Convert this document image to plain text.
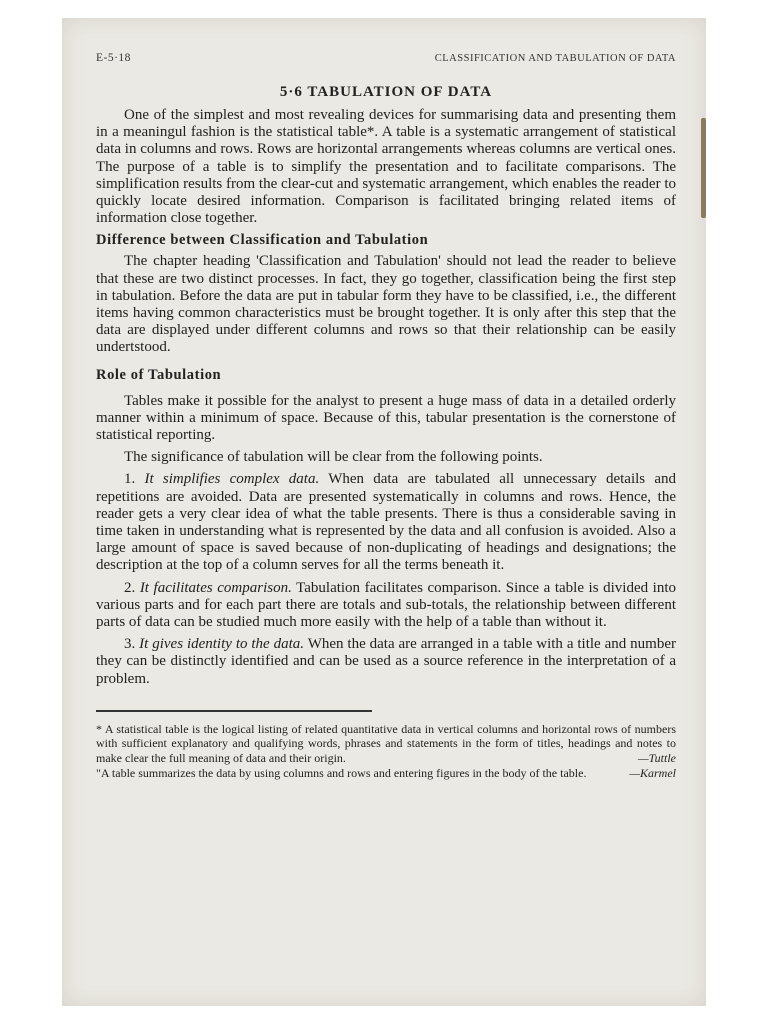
E-5·18	CLASSIFICATION AND TABULATION OF DATA
5·6 TABULATION OF DATA

One of the simplest and most revealing devices for summarising data and presenting them in a meaningul fashion is the statistical table*. A table is a systematic arrangement of statistical data in columns and rows. Rows are horizontal arrangements whereas columns are vertical ones. The purpose of a table is to simplify the presentation and to facilitate comparisons. The simplification results from the clear-cut and systematic arrangement, which enables the reader to quickly locate desired information. Comparison is facilitated bringing related items of information close together.

Difference between Classification and Tabulation

The chapter heading 'Classification and Tabulation' should not lead the reader to believe that these are two distinct processes. In fact, they go together, classification being the first step in tabulation. Before the data are put in tabular form they have to be classified, i.e., the different items having common characteristics must be brought together. It is only after this step that the data are displayed under different columns and rows so that their relationship can be easily undertstood.

Role of Tabulation

Tables make it possible for the analyst to present a huge mass of data in a detailed orderly manner within a minimum of space. Because of this, tabular presentation is the cornerstone of statistical reporting.

The significance of tabulation will be clear from the following points.

1. It simplifies complex data. When data are tabulated all unnecessary details and repetitions are avoided. Data are presented systematically in columns and rows. Hence, the reader gets a very clear idea of what the table presents. There is thus a considerable saving in time taken in understanding what is represented by the data and all confusion is avoided. Also a large amount of space is saved because of non-duplicating of headings and designations; the description at the top of a column serves for all the terms beneath it.

2. It facilitates comparison. Tabulation facilitates comparison. Since a table is divided into various parts and for each part there are totals and sub-totals, the relationship between different parts of data can be studied much more easily with the help of a table than without it.

3. It gives identity to the data. When the data are arranged in a table with a title and number they can be distinctly identified and can be used as a source reference in the interpretation of a problem.

* A statistical table is the logical listing of related quantitative data in vertical columns and horizontal rows of numbers with sufficient explanatory and qualifying words, phrases and statements in the form of titles, headings and notes to make clear the full meaning of data and their origin.	—Tuttle

"A table summarizes the data by using columns and rows and entering figures in the body of the table.	—Karmel
